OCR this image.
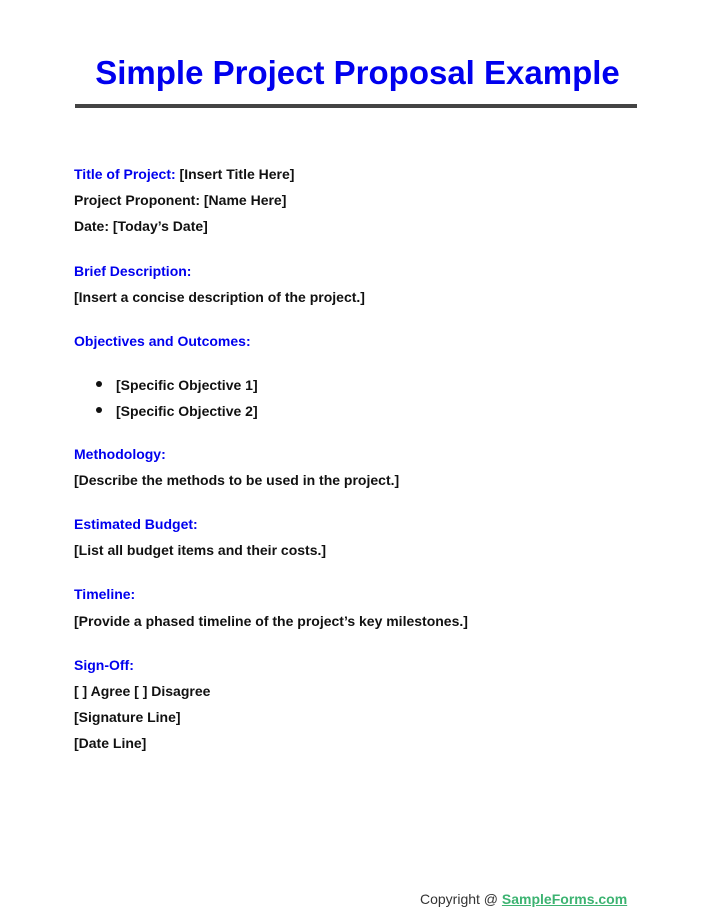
Simple Project Proposal Example
Title of Project: [Insert Title Here]
Project Proponent: [Name Here]
Date: [Today’s Date]
Brief Description:
[Insert a concise description of the project.]
Objectives and Outcomes:
[Specific Objective 1]
[Specific Objective 2]
Methodology:
[Describe the methods to be used in the project.]
Estimated Budget:
[List all budget items and their costs.]
Timeline:
[Provide a phased timeline of the project’s key milestones.]
Sign-Off:
[ ] Agree [ ] Disagree
[Signature Line]
[Date Line]
Copyright @ SampleForms.com
